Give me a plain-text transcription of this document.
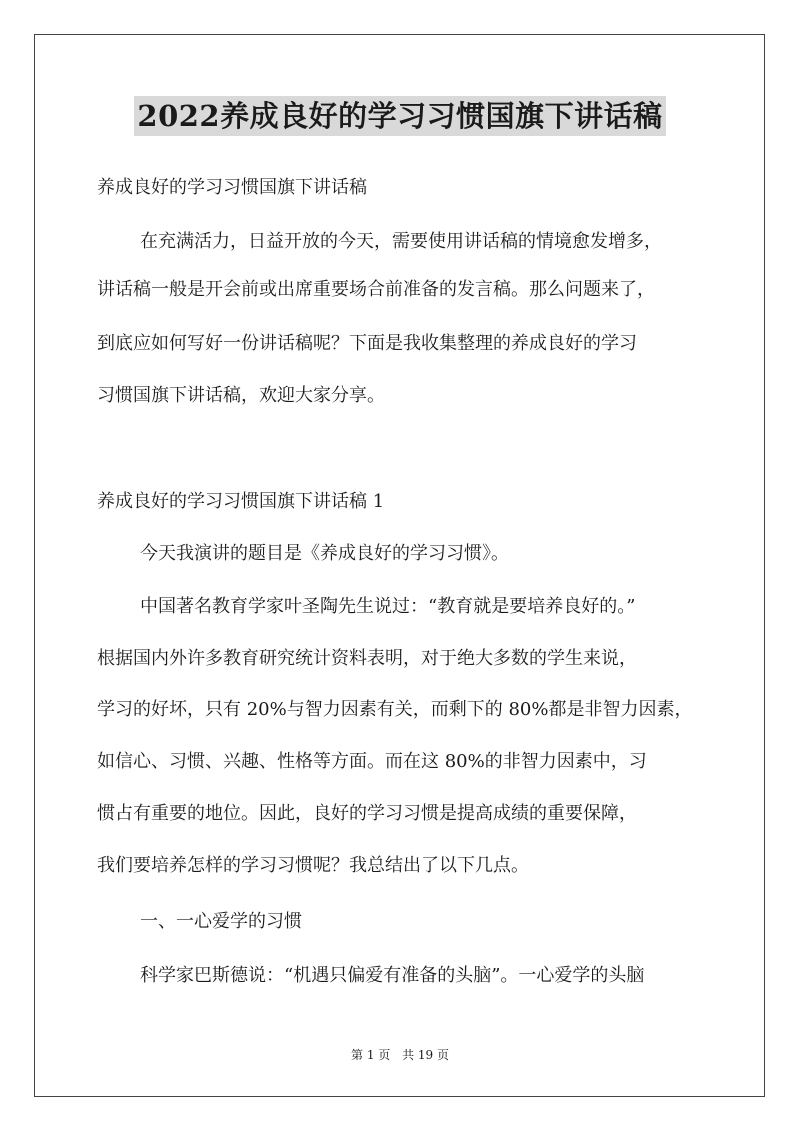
2022养成良好的学习习惯国旗下讲话稿
养成良好的学习习惯国旗下讲话稿
在充满活力，日益开放的今天，需要使用讲话稿的情境愈发增多，
讲话稿一般是开会前或出席重要场合前准备的发言稿。那么问题来了，
到底应如何写好一份讲话稿呢？下面是我收集整理的养成良好的学习
习惯国旗下讲话稿，欢迎大家分享。
养成良好的学习习惯国旗下讲话稿 1
今天我演讲的题目是《养成良好的学习习惯》。
中国著名教育学家叶圣陶先生说过：“教育就是要培养良好的。”
根据国内外许多教育研究统计资料表明，对于绝大多数的学生来说，
学习的好坏，只有 20%与智力因素有关，而剩下的 80%都是非智力因素，
如信心、习惯、兴趣、性格等方面。而在这 80%的非智力因素中，习
惯占有重要的地位。因此，良好的学习习惯是提高成绩的重要保障，
我们要培养怎样的学习习惯呢？我总结出了以下几点。
一、一心爱学的习惯
科学家巴斯德说：“机遇只偏爱有准备的头脑”。一心爱学的头脑
第 1 页 共 19 页
